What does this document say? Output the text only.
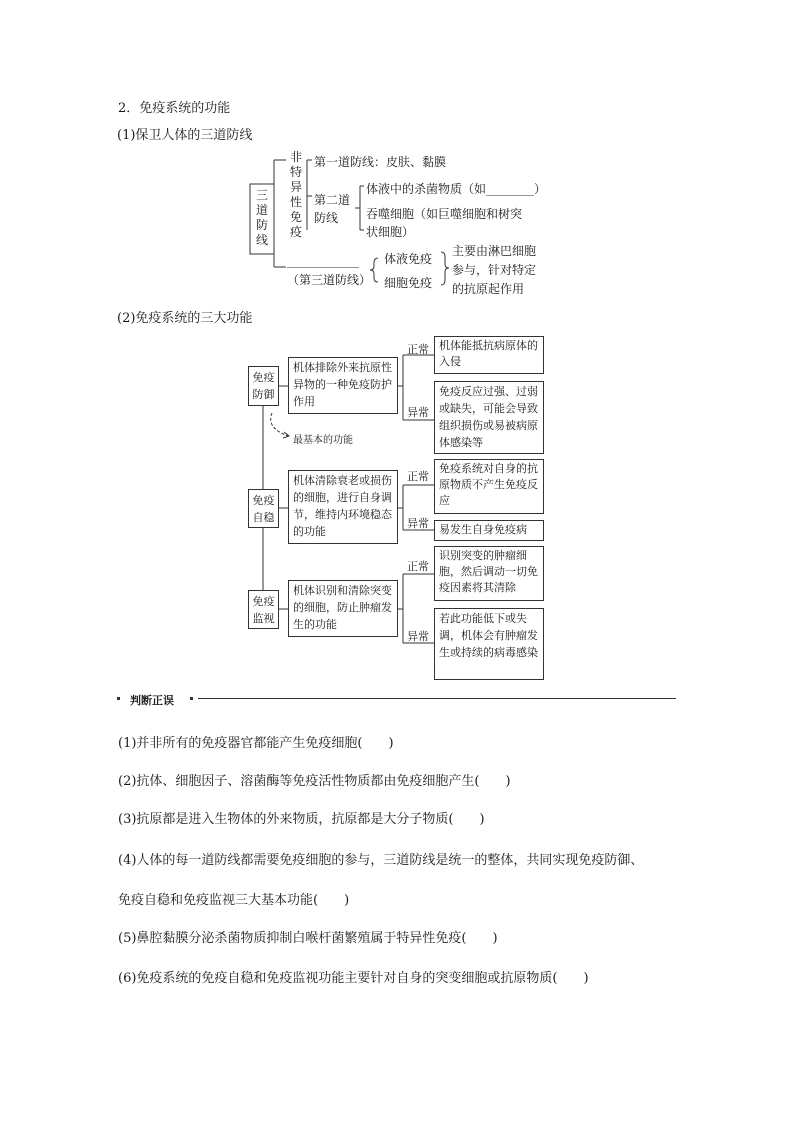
2．免疫系统的功能
(1)保卫人体的三道防线
三道防线
非特异性免疫
第一道防线：皮肤、黏膜
第二道防线
体液中的杀菌物质（如________）
吞噬细胞（如巨噬细胞和树突
状细胞）
____________
（第三道防线）
体液免疫
细胞免疫
主要由淋巴细胞
参与，针对特定
的抗原起作用
(2)免疫系统的三大功能
免疫防御
机体排除外来抗原性异物的一种免疫防护作用
正常
异常
机体能抵抗病原体的入侵
免疫反应过强、过弱或缺失，可能会导致组织损伤或易被病原体感染等
最基本的功能
免疫自稳
机体清除衰老或损伤的细胞，进行自身调节，维持内环境稳态的功能
正常
异常
免疫系统对自身的抗原物质不产生免疫反应
易发生自身免疫病
免疫监视
机体识别和清除突变的细胞，防止肿瘤发生的功能
正常
异常
识别突变的肿瘤细胞，然后调动一切免疫因素将其清除
若此功能低下或失调，机体会有肿瘤发生或持续的病毒感染
判断正误
(1)并非所有的免疫器官都能产生免疫细胞(　　)
(2)抗体、细胞因子、溶菌酶等免疫活性物质都由免疫细胞产生(　　)
(3)抗原都是进入生物体的外来物质，抗原都是大分子物质(　　)
(4)人体的每一道防线都需要免疫细胞的参与，三道防线是统一的整体，共同实现免疫防御、
免疫自稳和免疫监视三大基本功能(　　)
(5)鼻腔黏膜分泌杀菌物质抑制白喉杆菌繁殖属于特异性免疫(　　)
(6)免疫系统的免疫自稳和免疫监视功能主要针对自身的突变细胞或抗原物质(　　)
